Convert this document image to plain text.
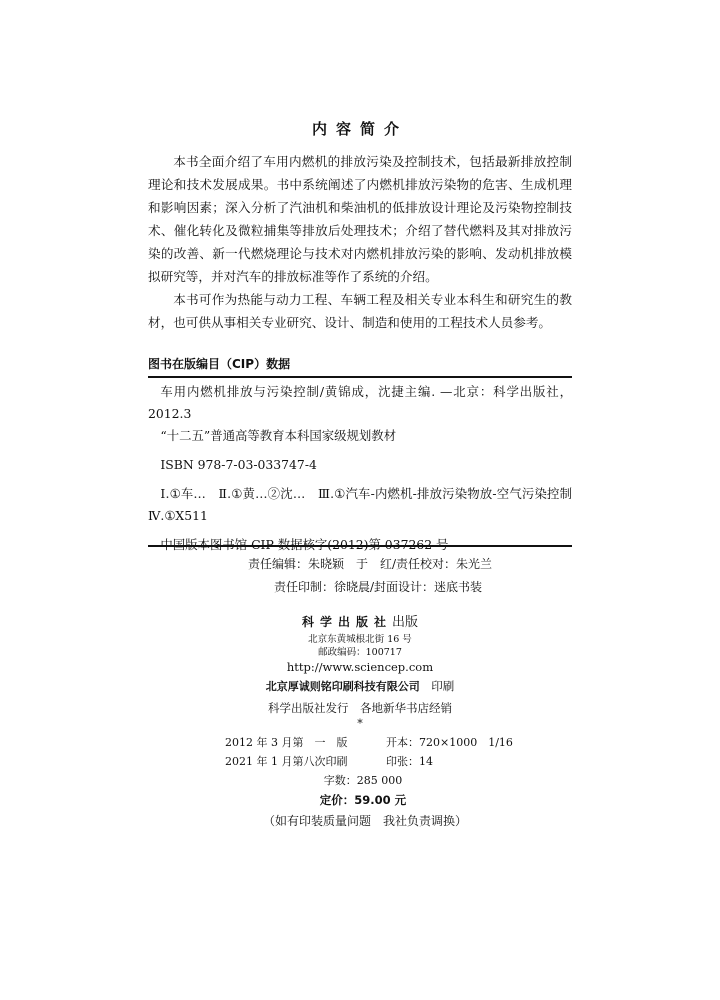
内容简介

本书全面介绍了车用内燃机的排放污染及控制技术，包括最新排放控制理论和技术发展成果。书中系统阐述了内燃机排放污染物的危害、生成机理和影响因素；深入分析了汽油机和柴油机的低排放设计理论及污染物控制技术、催化转化及微粒捕集等排放后处理技术；介绍了替代燃料及其对排放污染的改善、新一代燃烧理论与技术对内燃机排放污染的影响、发动机排放模拟研究等，并对汽车的排放标准等作了系统的介绍。

本书可作为热能与动力工程、车辆工程及相关专业本科生和研究生的教材，也可供从事相关专业研究、设计、制造和使用的工程技术人员参考。

图书在版编目（CIP）数据

车用内燃机排放与污染控制/黄锦成，沈捷主编. —北京：科学出版社，2012.3

“十二五”普通高等教育本科国家级规划教材

ISBN 978-7-03-033747-4

Ⅰ.①车…　Ⅱ.①黄…②沈…　Ⅲ.①汽车-内燃机-排放污染物放-空气污染控制 Ⅳ.①X511

中国版本图书馆 CIP 数据核字(2012)第 037262 号

责任编辑：朱晓颖　于　红/责任校对：朱光兰
责任印制：徐晓晨/封面设计：迷底书装
科学出版社出版
北京东黄城根北街 16 号
邮政编码：100717
http://www.sciencep.com
北京厚诚则铭印刷科技有限公司　 印刷
科学出版社发行　各地新华书店经销
*
2012 年 3 月第　一　版	开本：720×1000　1/16
2021 年 1 月第八次印刷	印张：14
字数：285 000
定价：59.00 元
（如有印装质量问题　我社负责调换）
